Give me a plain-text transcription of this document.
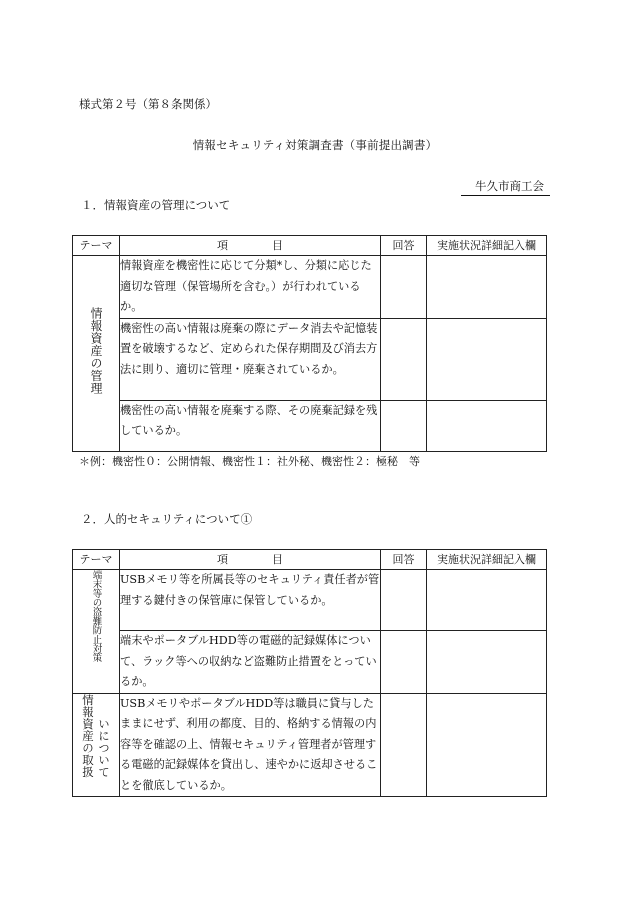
様式第２号（第８条関係）
情報セキュリティ対策調査書（事前提出調書）
牛久市商工会
１．情報資産の管理について
テーマ	項　　　　目	回答	実施状況詳細記入欄
情報資産の管理	情報資産を機密性に応じて分類*し、分類に応じた適切な管理（保管場所を含む。）が行われているか。		
	機密性の高い情報は廃棄の際にデータ消去や記憶装置を破壊するなど、定められた保存期間及び消去方法に則り、適切に管理・廃棄されているか。		
	機密性の高い情報を廃棄する際、その廃棄記録を残しているか。		
＊例：機密性０：公開情報、機密性１：社外秘、機密性２：極秘　等
２．人的セキュリティについて①
テーマ	項　　　　目	回答	実施状況詳細記入欄
端末等の盗難防止対策	USBメモリ等を所属長等のセキュリティ責任者が管理する鍵付きの保管庫に保管しているか。		
	端末やポータブルHDD等の電磁的記録媒体について、ラック等への収納など盗難防止措置をとっているか。		
情報資産の取扱 いについて	USBメモリやポータブルHDD等は職員に貸与したままにせず、利用の都度、目的、格納する情報の内容等を確認の上、情報セキュリティ管理者が管理する電磁的記録媒体を貸出し、速やかに返却させることを徹底しているか。		
